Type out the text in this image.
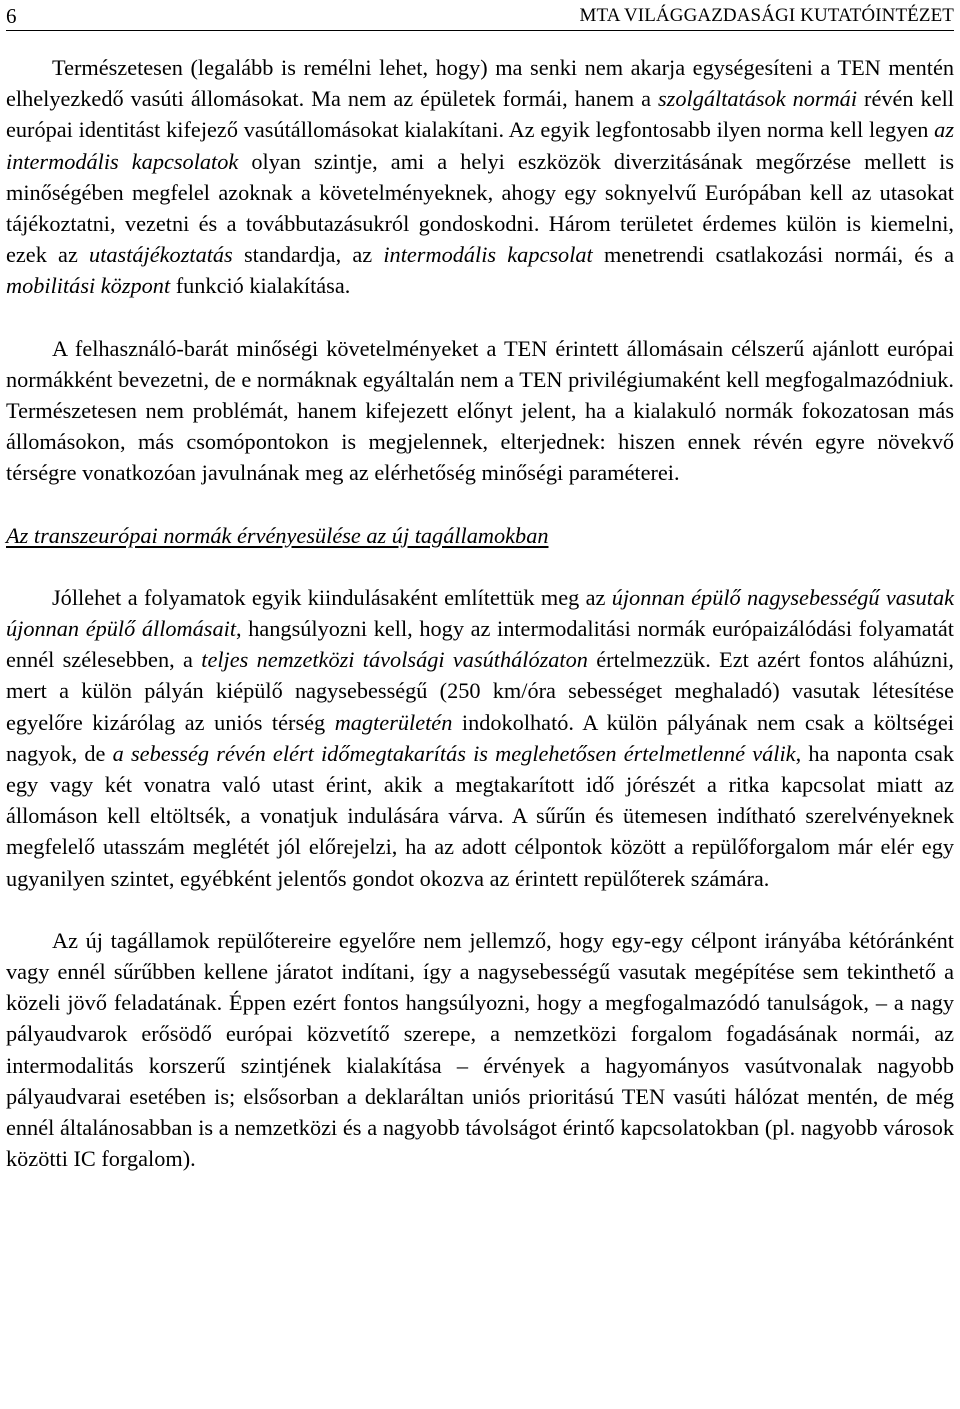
6	MTA VILÁGGAZDASÁGI KUTATÓINTÉZET

Természetesen (legalább is remélni lehet, hogy) ma senki nem akarja egységesíteni a TEN mentén elhelyezkedő vasúti állomásokat. Ma nem az épületek formái, hanem a szolgáltatások normái révén kell európai identitást kifejező vasútállomásokat kialakítani. Az egyik legfontosabb ilyen norma kell legyen az intermodális kapcsolatok olyan szintje, ami a helyi eszközök diverzitásának megőrzése mellett is minőségében megfelel azoknak a követelményeknek, ahogy egy soknyelvű Európában kell az utasokat tájékoztatni, vezetni és a továbbutazásukról gondoskodni. Három területet érdemes külön is kiemelni, ezek az utastájékoztatás standardja, az intermodális kapcsolat menetrendi csatlakozási normái, és a mobilitási központ funkció kialakítása.

A felhasználó-barát minőségi követelményeket a TEN érintett állomásain célszerű ajánlott európai normákként bevezetni, de e normáknak egyáltalán nem a TEN privilégiumaként kell megfogalmazódniuk. Természetesen nem problémát, hanem kifejezett előnyt jelent, ha a kialakuló normák fokozatosan más állomásokon, más csomópontokon is megjelennek, elterjednek: hiszen ennek révén egyre növekvő térségre vonatkozóan javulnának meg az elérhetőség minőségi paraméterei.

Az transzeurópai normák érvényesülése az új tagállamokban

Jóllehet a folyamatok egyik kiindulásaként említettük meg az újonnan épülő nagysebességű vasutak újonnan épülő állomásait, hangsúlyozni kell, hogy az intermodalitási normák európaizálódási folyamatát ennél szélesebben, a teljes nemzetközi távolsági vasúthálózaton értelmezzük. Ezt azért fontos aláhúzni, mert a külön pályán kiépülő nagysebességű (250 km/óra sebességet meghaladó) vasutak létesítése egyelőre kizárólag az uniós térség magterületén indokolható. A külön pályának nem csak a költségei nagyok, de a sebesség révén elért időmegtakarítás is meglehetősen értelmetlenné válik, ha naponta csak egy vagy két vonatra való utast érint, akik a megtakarított idő jórészét a ritka kapcsolat miatt az állomáson kell eltöltsék, a vonatjuk indulására várva. A sűrűn és ütemesen indítható szerelvényeknek megfelelő utasszám meglétét jól előrejelzi, ha az adott célpontok között a repülőforgalom már elér egy ugyanilyen szintet, egyébként jelentős gondot okozva az érintett repülőterek számára.

Az új tagállamok repülőtereire egyelőre nem jellemző, hogy egy-egy célpont irányába kétóránként vagy ennél sűrűbben kellene járatot indítani, így a nagysebességű vasutak megépítése sem tekinthető a közeli jövő feladatának. Éppen ezért fontos hangsúlyozni, hogy a megfogalmazódó tanulságok, – a nagy pályaudvarok erősödő európai közvetítő szerepe, a nemzetközi forgalom fogadásának normái, az intermodalitás korszerű szintjének kialakítása – érvények a hagyományos vasútvonalak nagyobb pályaudvarai esetében is; elsősorban a deklaráltan uniós prioritású TEN vasúti hálózat mentén, de még ennél általánosabban is a nemzetközi és a nagyobb távolságot érintő kapcsolatokban (pl. nagyobb városok közötti IC forgalom).
